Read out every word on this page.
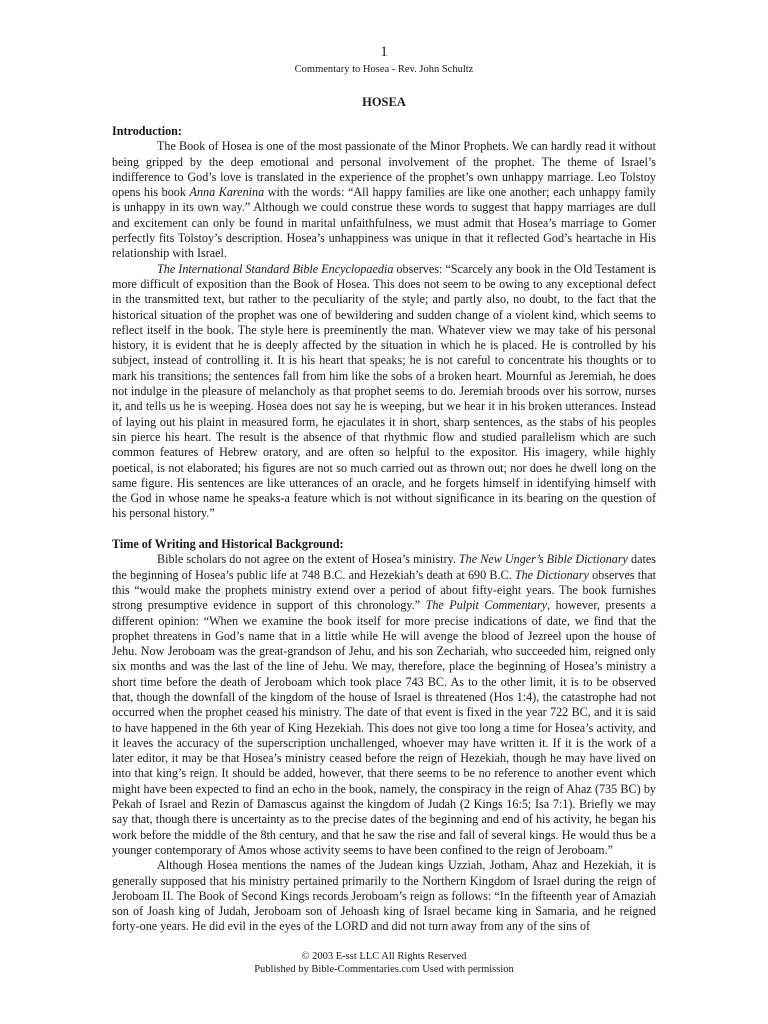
1
Commentary to Hosea - Rev. John Schultz
HOSEA

Introduction:

The Book of Hosea is one of the most passionate of the Minor Prophets. We can hardly read it without being gripped by the deep emotional and personal involvement of the prophet. The theme of Israel’s indifference to God’s love is translated in the experience of the prophet’s own unhappy marriage. Leo Tolstoy opens his book Anna Karenina with the words: “All happy families are like one another; each unhappy family is unhappy in its own way.” Although we could construe these words to suggest that happy marriages are dull and excitement can only be found in marital unfaithfulness, we must admit that Hosea’s marriage to Gomer perfectly fits Tolstoy’s description. Hosea’s unhappiness was unique in that it reflected God’s heartache in His relationship with Israel.

The International Standard Bible Encyclopaedia observes: “Scarcely any book in the Old Testament is more difficult of exposition than the Book of Hosea. This does not seem to be owing to any exceptional defect in the transmitted text, but rather to the peculiarity of the style; and partly also, no doubt, to the fact that the historical situation of the prophet was one of bewildering and sudden change of a violent kind, which seems to reflect itself in the book. The style here is preeminently the man. Whatever view we may take of his personal history, it is evident that he is deeply affected by the situation in which he is placed. He is controlled by his subject, instead of controlling it. It is his heart that speaks; he is not careful to concentrate his thoughts or to mark his transitions; the sentences fall from him like the sobs of a broken heart. Mournful as Jeremiah, he does not indulge in the pleasure of melancholy as that prophet seems to do. Jeremiah broods over his sorrow, nurses it, and tells us he is weeping. Hosea does not say he is weeping, but we hear it in his broken utterances. Instead of laying out his plaint in measured form, he ejaculates it in short, sharp sentences, as the stabs of his peoples sin pierce his heart. The result is the absence of that rhythmic flow and studied parallelism which are such common features of Hebrew oratory, and are often so helpful to the expositor. His imagery, while highly poetical, is not elaborated; his figures are not so much carried out as thrown out; nor does he dwell long on the same figure. His sentences are like utterances of an oracle, and he forgets himself in identifying himself with the God in whose name he speaks-a feature which is not without significance in its bearing on the question of his personal history.”

Time of Writing and Historical Background:

Bible scholars do not agree on the extent of Hosea’s ministry. The New Unger’s Bible Dictionary dates the beginning of Hosea’s public life at 748 B.C. and Hezekiah’s death at 690 B.C. The Dictionary observes that this “would make the prophets ministry extend over a period of about fifty-eight years. The book furnishes strong presumptive evidence in support of this chronology.” The Pulpit Commentary, however, presents a different opinion: “When we examine the book itself for more precise indications of date, we find that the prophet threatens in God’s name that in a little while He will avenge the blood of Jezreel upon the house of Jehu. Now Jeroboam was the great-grandson of Jehu, and his son Zechariah, who succeeded him, reigned only six months and was the last of the line of Jehu. We may, therefore, place the beginning of Hosea’s ministry a short time before the death of Jeroboam which took place 743 BC. As to the other limit, it is to be observed that, though the downfall of the kingdom of the house of Israel is threatened (Hos 1:4), the catastrophe had not occurred when the prophet ceased his ministry. The date of that event is fixed in the year 722 BC, and it is said to have happened in the 6th year of King Hezekiah. This does not give too long a time for Hosea’s activity, and it leaves the accuracy of the superscription unchallenged, whoever may have written it. If it is the work of a later editor, it may be that Hosea’s ministry ceased before the reign of Hezekiah, though he may have lived on into that king’s reign. It should be added, however, that there seems to be no reference to another event which might have been expected to find an echo in the book, namely, the conspiracy in the reign of Ahaz (735 BC) by Pekah of Israel and Rezin of Damascus against the kingdom of Judah (2 Kings 16:5; Isa 7:1). Briefly we may say that, though there is uncertainty as to the precise dates of the beginning and end of his activity, he began his work before the middle of the 8th century, and that he saw the rise and fall of several kings. He would thus be a younger contemporary of Amos whose activity seems to have been confined to the reign of Jeroboam.”

Although Hosea mentions the names of the Judean kings Uzziah, Jotham, Ahaz and Hezekiah, it is generally supposed that his ministry pertained primarily to the Northern Kingdom of Israel during the reign of Jeroboam II. The Book of Second Kings records Jeroboam’s reign as follows: “In the fifteenth year of Amaziah son of Joash king of Judah, Jeroboam son of Jehoash king of Israel became king in Samaria, and he reigned forty-one years. He did evil in the eyes of the LORD and did not turn away from any of the sins of

© 2003 E-sst LLC All Rights Reserved
Published by Bible-Commentaries.com Used with permission
